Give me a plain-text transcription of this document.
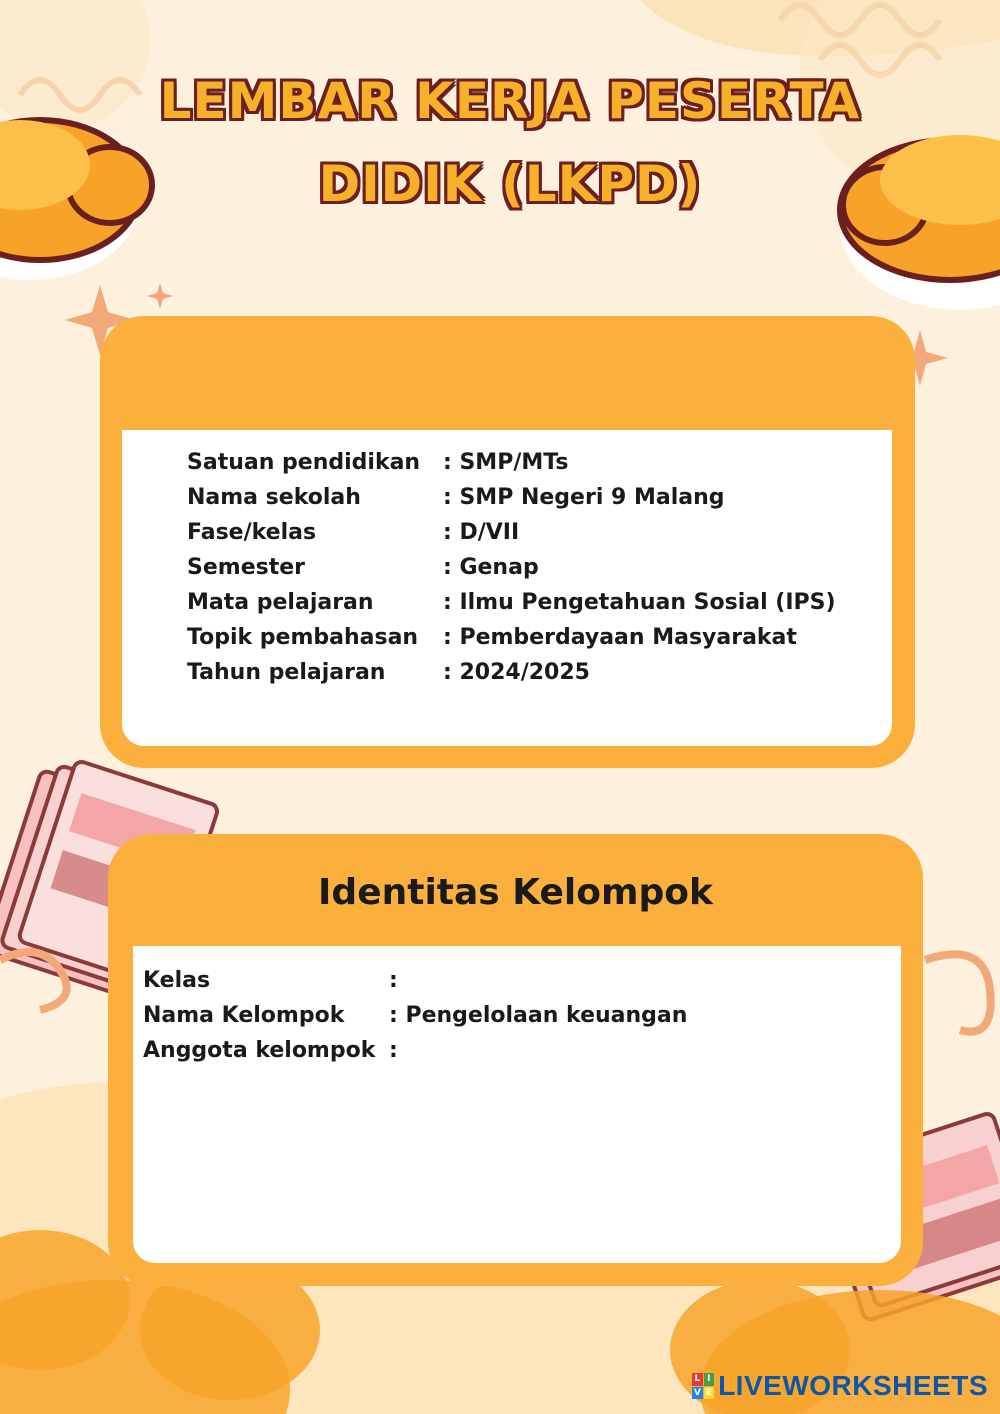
LEMBAR KERJA PESERTA
DIDIK (LKPD)
Satuan pendidikan : SMP/MTs
Nama sekolah	: SMP Negeri 9 Malang
Fase/kelas	: D/VII
Semester	: Genap
Mata pelajaran	: Ilmu Pengetahuan Sosial (IPS)
Topik pembahasan : Pemberdayaan Masyarakat
Tahun pelajaran	: 2024/2025
Identitas Kelompok
Kelas	:
Nama Kelompok : Pengelolaan keuangan
Anggota kelompok :
L I
V E LIVEWORKSHEETS
